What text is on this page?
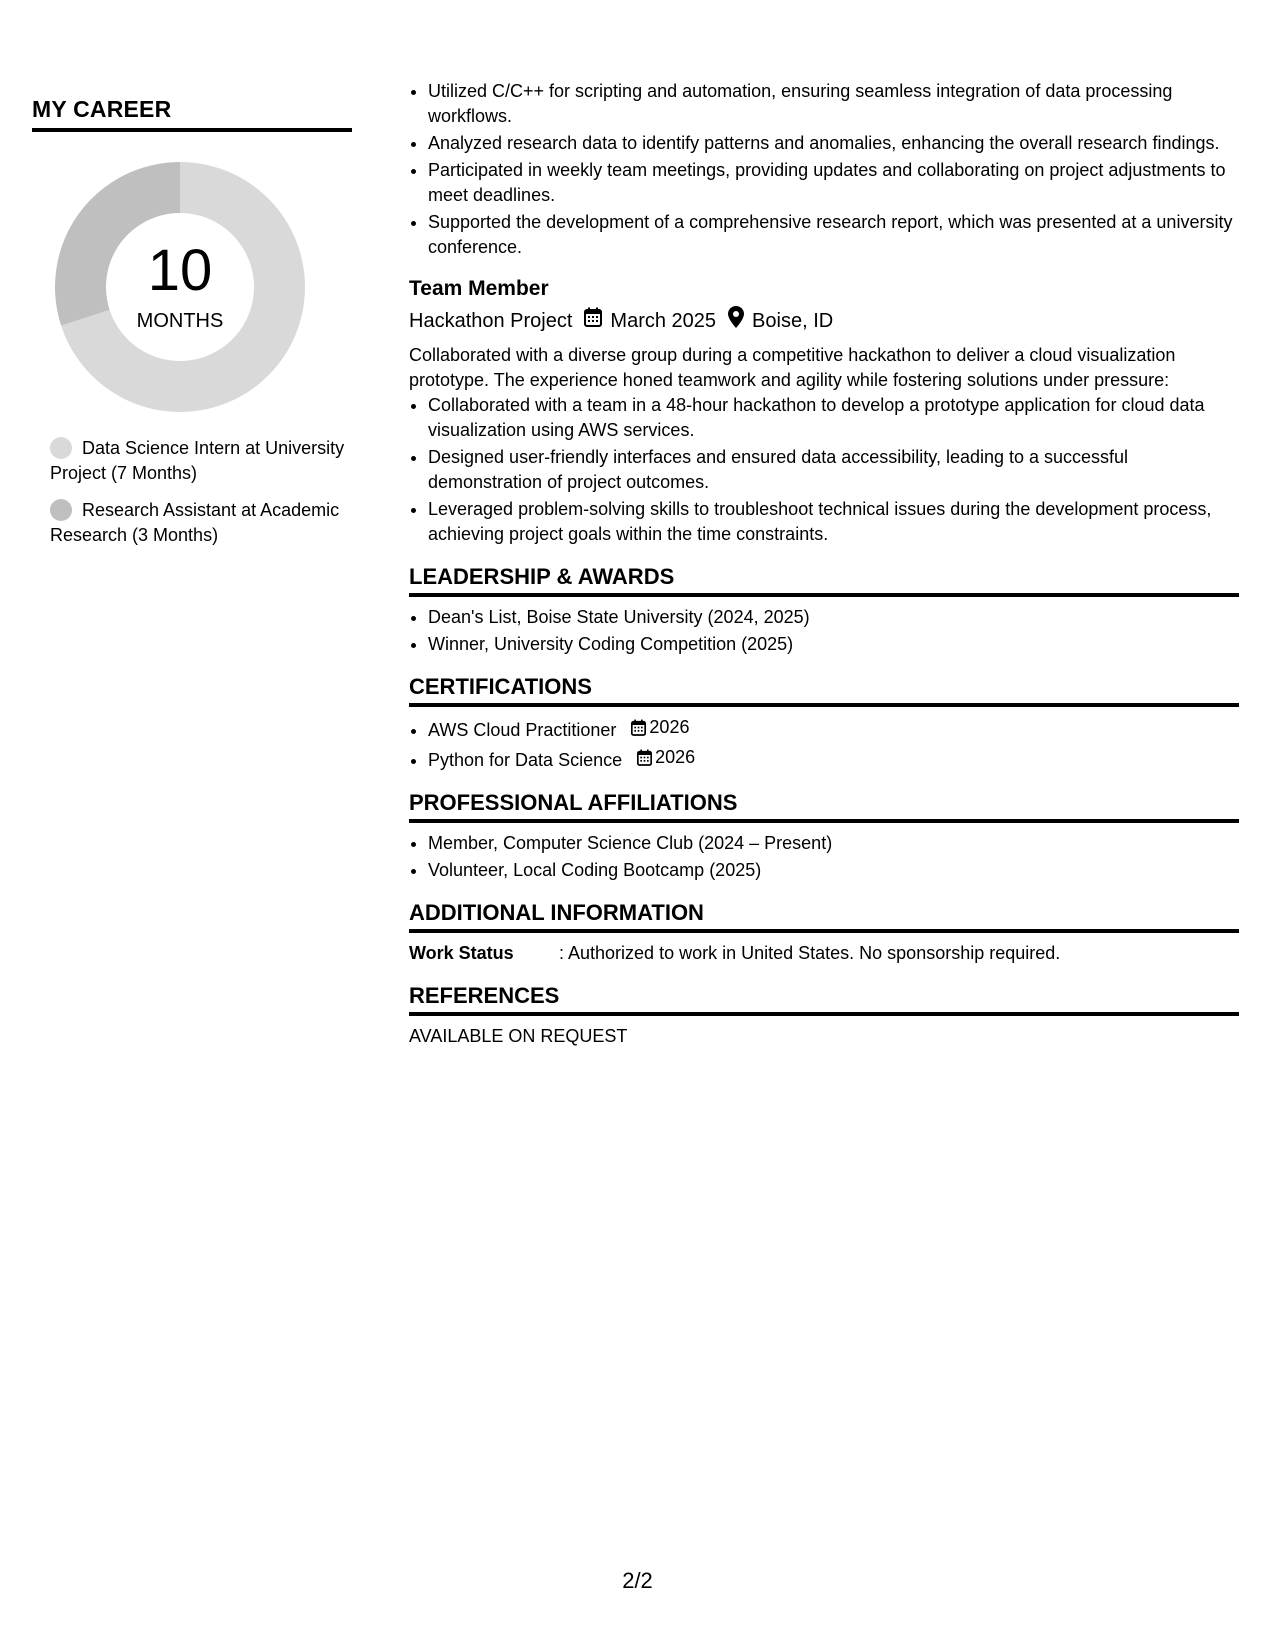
MY CAREER
10
MONTHS
Data Science Intern at University Project (7 Months)
Research Assistant at Academic Research (3 Months)
• Utilized C/C++ for scripting and automation, ensuring seamless integration of data processing workflows.
• Analyzed research data to identify patterns and anomalies, enhancing the overall research findings.
• Participated in weekly team meetings, providing updates and collaborating on project adjustments to meet deadlines.
• Supported the development of a comprehensive research report, which was presented at a university conference.
Team Member
Hackathon Project March 2025 Boise, ID
Collaborated with a diverse group during a competitive hackathon to deliver a cloud visualization prototype. The experience honed teamwork and agility while fostering solutions under pressure:
• Collaborated with a team in a 48-hour hackathon to develop a prototype application for cloud data visualization using AWS services.
• Designed user-friendly interfaces and ensured data accessibility, leading to a successful demonstration of project outcomes.
• Leveraged problem-solving skills to troubleshoot technical issues during the development process, achieving project goals within the time constraints.
LEADERSHIP & AWARDS
• Dean's List, Boise State University (2024, 2025)
• Winner, University Coding Competition (2025)
CERTIFICATIONS
• AWS Cloud Practitioner 2026
• Python for Data Science 2026
PROFESSIONAL AFFILIATIONS
• Member, Computer Science Club (2024 – Present)
• Volunteer, Local Coding Bootcamp (2025)
ADDITIONAL INFORMATION
Work Status	: Authorized to work in United States. No sponsorship required.
REFERENCES
AVAILABLE ON REQUEST
2/2
